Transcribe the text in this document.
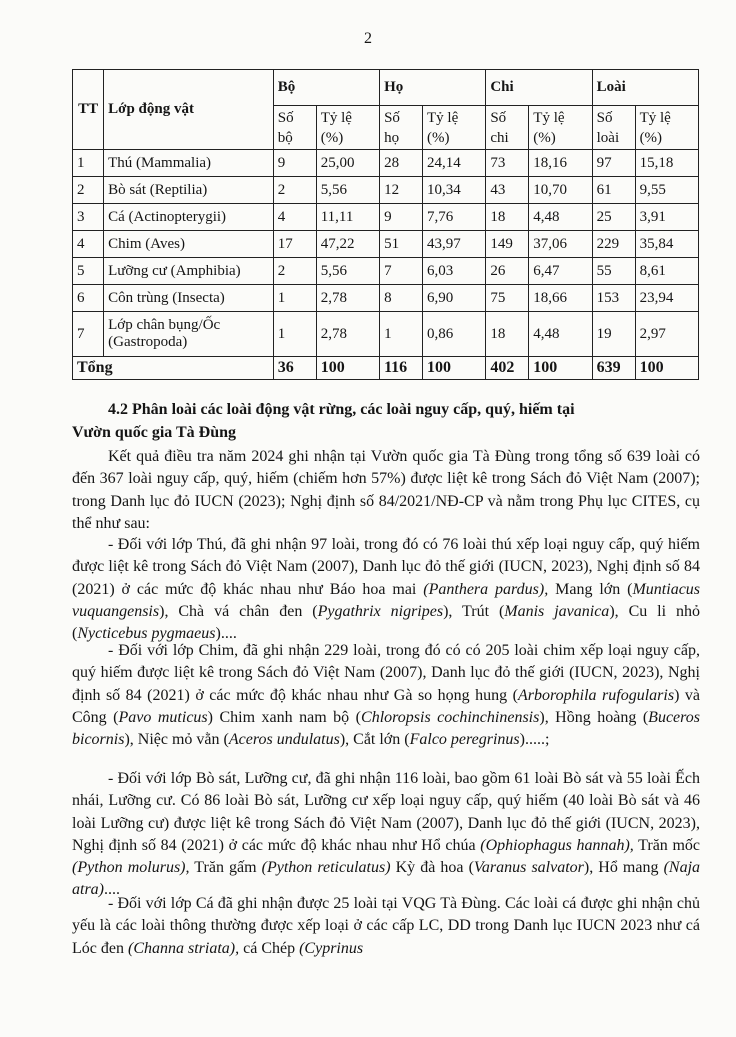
2
TT	Lớp động vật	Bộ		Họ		Chi		Loài	
		Số bộ	Tỷ lệ (%)	Số họ	Tỷ lệ (%)	Số chi	Tỷ lệ (%)	Số loài	Tỷ lệ (%)
1	Thú (Mammalia)	9	25,00	28	24,14	73	18,16	97	15,18
2	Bò sát (Reptilia)	2	5,56	12	10,34	43	10,70	61	9,55
3	Cá (Actinopterygii)	4	11,11	9	7,76	18	4,48	25	3,91
4	Chim (Aves)	17	47,22	51	43,97	149	37,06	229	35,84
5	Lưỡng cư (Amphibia)	2	5,56	7	6,03	26	6,47	55	8,61
6	Côn trùng (Insecta)	1	2,78	8	6,90	75	18,66	153	23,94
7	Lớp chân bụng/Ốc (Gastropoda)	1	2,78	1	0,86	18	4,48	19	2,97
Tổng		36	100	116	100	402	100	639	100
4.2 Phân loài các loài động vật rừng, các loài nguy cấp, quý, hiếm tại
Vườn quốc gia Tà Đùng
Kết quả điều tra năm 2024 ghi nhận tại Vườn quốc gia Tà Đùng trong tổng số 639 loài có đến 367 loài nguy cấp, quý, hiếm (chiếm hơn 57%) được liệt kê trong Sách đỏ Việt Nam (2007); trong Danh lục đỏ IUCN (2023); Nghị định số 84/2021/NĐ-CP và nằm trong Phụ lục CITES, cụ thể như sau:
- Đối với lớp Thú, đã ghi nhận 97 loài, trong đó có 76 loài thú xếp loại nguy cấp, quý hiếm được liệt kê trong Sách đỏ Việt Nam (2007), Danh lục đỏ thế giới (IUCN, 2023), Nghị định số 84 (2021) ở các mức độ khác nhau như Báo hoa mai (Panthera pardus), Mang lớn (Muntiacus vuquangensis), Chà vá chân đen (Pygathrix nigripes), Trút (Manis javanica), Cu li nhỏ (Nycticebus pygmaeus)....
- Đối với lớp Chim, đã ghi nhận 229 loài, trong đó có có 205 loài chim xếp loại nguy cấp, quý hiếm được liệt kê trong Sách đỏ Việt Nam (2007), Danh lục đỏ thế giới (IUCN, 2023), Nghị định số 84 (2021) ở các mức độ khác nhau như Gà so họng hung (Arborophila rufogularis) và Công (Pavo muticus) Chim xanh nam bộ (Chloropsis cochinchinensis), Hồng hoàng (Buceros bicornis), Niệc mỏ vằn (Aceros undulatus), Cắt lớn (Falco peregrinus).....;
- Đối với lớp Bò sát, Lưỡng cư, đã ghi nhận 116 loài, bao gồm 61 loài Bò sát và 55 loài Ếch nhái, Lưỡng cư. Có 86 loài Bò sát, Lưỡng cư xếp loại nguy cấp, quý hiếm (40 loài Bò sát và 46 loài Lưỡng cư) được liệt kê trong Sách đỏ Việt Nam (2007), Danh lục đỏ thế giới (IUCN, 2023), Nghị định số 84 (2021) ở các mức độ khác nhau như Hổ chúa (Ophiophagus hannah), Trăn mốc (Python molurus), Trăn gấm (Python reticulatus) Kỳ đà hoa (Varanus salvator), Hổ mang (Naja atra)....
- Đối với lớp Cá đã ghi nhận được 25 loài tại VQG Tà Đùng. Các loài cá được ghi nhận chủ yếu là các loài thông thường được xếp loại ở các cấp LC, DD trong Danh lục IUCN 2023 như cá Lóc đen (Channa striata), cá Chép (Cyprinus
